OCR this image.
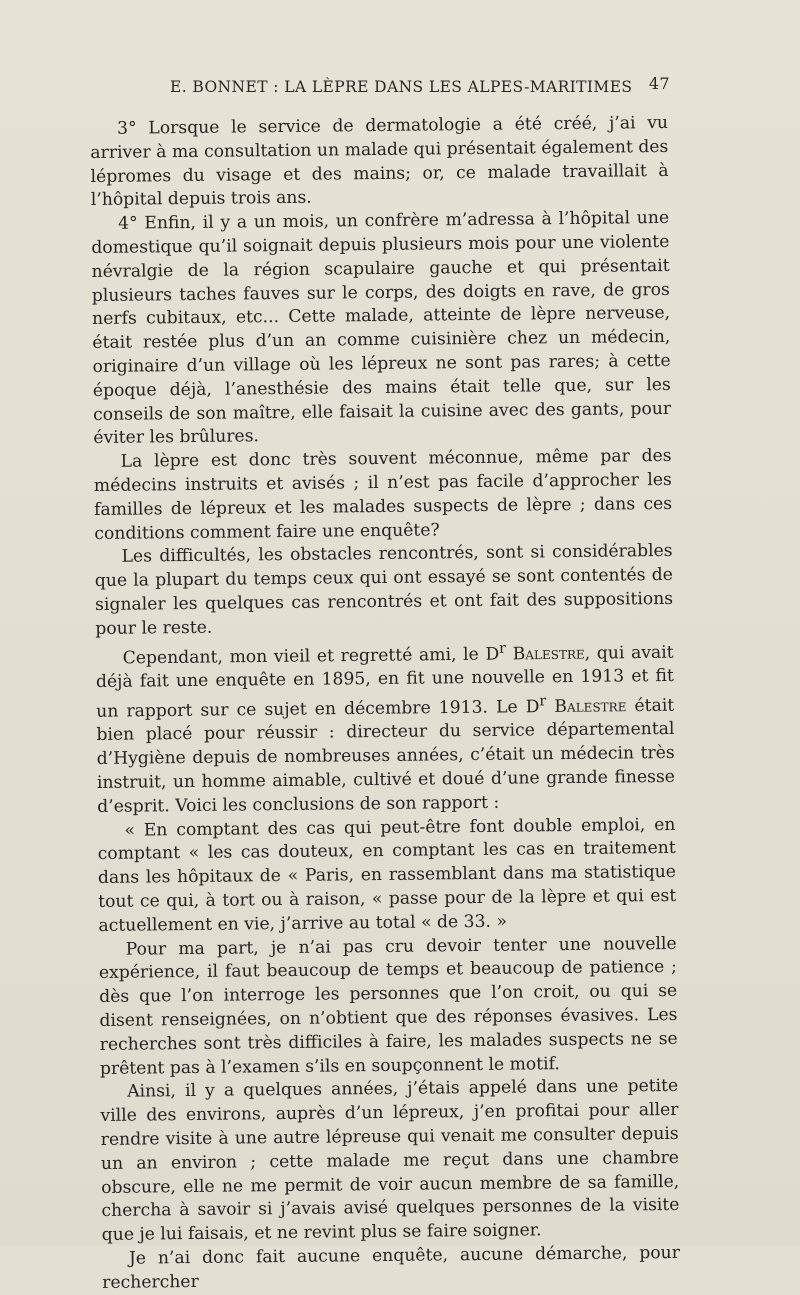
E. BONNET : LA LÈPRE DANS LES ALPES-MARITIMES 47

3° Lorsque le service de dermatologie a été créé, j’ai vu arriver à ma consultation un malade qui présentait également des lépromes du visage et des mains; or, ce malade travaillait à l’hôpital depuis trois ans.

4° Enfin, il y a un mois, un confrère m’adressa à l’hôpital une domestique qu’il soignait depuis plusieurs mois pour une violente névralgie de la région scapulaire gauche et qui présentait plusieurs taches fauves sur le corps, des doigts en rave, de gros nerfs cubitaux, etc... Cette malade, atteinte de lèpre nerveuse, était restée plus d’un an comme cuisinière chez un médecin, originaire d’un village où les lépreux ne sont pas rares; à cette époque déjà, l’anesthésie des mains était telle que, sur les conseils de son maître, elle faisait la cuisine avec des gants, pour éviter les brûlures.

La lèpre est donc très souvent méconnue, même par des médecins instruits et avisés ; il n’est pas facile d’approcher les familles de lépreux et les malades suspects de lèpre ; dans ces conditions comment faire une enquête?

Les difficultés, les obstacles rencontrés, sont si considérables que la plupart du temps ceux qui ont essayé se sont contentés de signaler les quelques cas rencontrés et ont fait des suppositions pour le reste.

Cependant, mon vieil et regretté ami, le $D^r$ Balestre, qui avait déjà fait une enquête en 1895, en fit une nouvelle en 1913 et fit un rapport sur ce sujet en décembre 1913. Le $D^r$ Balestre était bien placé pour réussir : directeur du service départemental d’Hygiène depuis de nombreuses années, c’était un médecin très instruit, un homme aimable, cultivé et doué d’une grande finesse d’esprit. Voici les conclusions de son rapport :

« En comptant des cas qui peut-être font double emploi, en comptant « les cas douteux, en comptant les cas en traitement dans les hôpitaux de « Paris, en rassemblant dans ma statistique tout ce qui, à tort ou à raison, « passe pour de la lèpre et qui est actuellement en vie, j’arrive au total « de 33. »

Pour ma part, je n’ai pas cru devoir tenter une nouvelle expérience, il faut beaucoup de temps et beaucoup de patience ; dès que l’on interroge les personnes que l’on croit, ou qui se disent renseignées, on n’obtient que des réponses évasives. Les recherches sont très difficiles à faire, les malades suspects ne se prêtent pas à l’examen s’ils en soupçonnent le motif.

Ainsi, il y a quelques années, j’étais appelé dans une petite ville des environs, auprès d’un lépreux, j’en profitai pour aller rendre visite à une autre lépreuse qui venait me consulter depuis un an environ ; cette malade me reçut dans une chambre obscure, elle ne me permit de voir aucun membre de sa famille, chercha à savoir si j’avais avisé quelques personnes de la visite que je lui faisais, et ne revint plus se faire soigner.

Je n’ai donc fait aucune enquête, aucune démarche, pour rechercher
